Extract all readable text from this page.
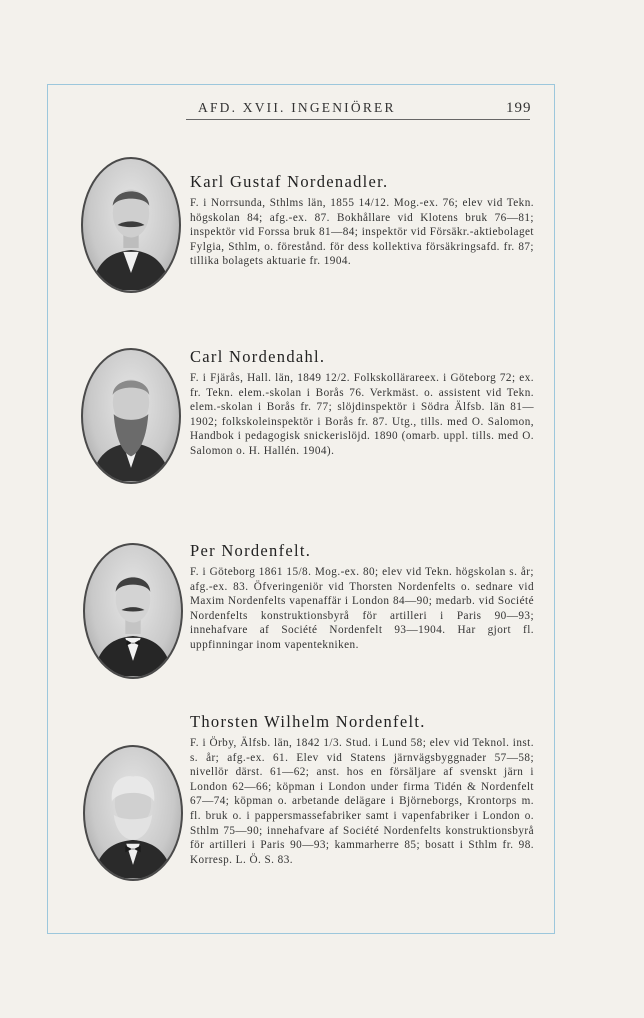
AFD. XVII. INGENIÖRER	199
Karl Gustaf Nordenadler.
F. i Norrsunda, Sthlms län, 1855 14/12. Mog.-ex. 76; elev vid Tekn. högskolan 84; afg.-ex. 87. Bokhållare vid Klotens bruk 76—81; inspektör vid Forssa bruk 81—84; inspektör vid Försäkr.-aktiebolaget Fylgia, Sthlm, o. förestånd. för dess kollektiva försäkringsafd. fr. 87; tillika bolagets aktuarie fr. 1904.
Carl Nordendahl.
F. i Fjärås, Hall. län, 1849 12/2. Folkskollärareex. i Göteborg 72; ex. fr. Tekn. elem.-skolan i Borås 76. Verkmäst. o. assistent vid Tekn. elem.-skolan i Borås fr. 77; slöjdinspektör i Södra Älfsb. län 81—1902; folkskoleinspektör i Borås fr. 87. Utg., tills. med O. Salomon, Handbok i pedagogisk snickerislöjd. 1890 (omarb. uppl. tills. med O. Salomon o. H. Hallén. 1904).
Per Nordenfelt.
F. i Göteborg 1861 15/8. Mog.-ex. 80; elev vid Tekn. högskolan s. år; afg.-ex. 83. Öfveringeniör vid Thorsten Nordenfelts o. sednare vid Maxim Nordenfelts vapenaffär i London 84—90; medarb. vid Société Nordenfelts konstruktionsbyrå för artilleri i Paris 90—93; innehafvare af Société Nordenfelt 93—1904. Har gjort fl. uppfinningar inom vapentekniken.
Thorsten Wilhelm Nordenfelt.
F. i Örby, Älfsb. län, 1842 1/3. Stud. i Lund 58; elev vid Teknol. inst. s. år; afg.-ex. 61. Elev vid Statens järnvägsbyggnader 57—58; nivellör därst. 61—62; anst. hos en försäljare af svenskt järn i London 62—66; köpman i London under firma Tidén & Nordenfelt 67—74; köpman o. arbetande delägare i Björneborgs, Krontorps m. fl. bruk o. i pappersmassefabriker samt i vapenfabriker i London o. Sthlm 75—90; innehafvare af Société Nordenfelts konstruktionsbyrå för artilleri i Paris 90—93; kammarherre 85; bosatt i Sthlm fr. 98. Korresp. L. Ö. S. 83.
